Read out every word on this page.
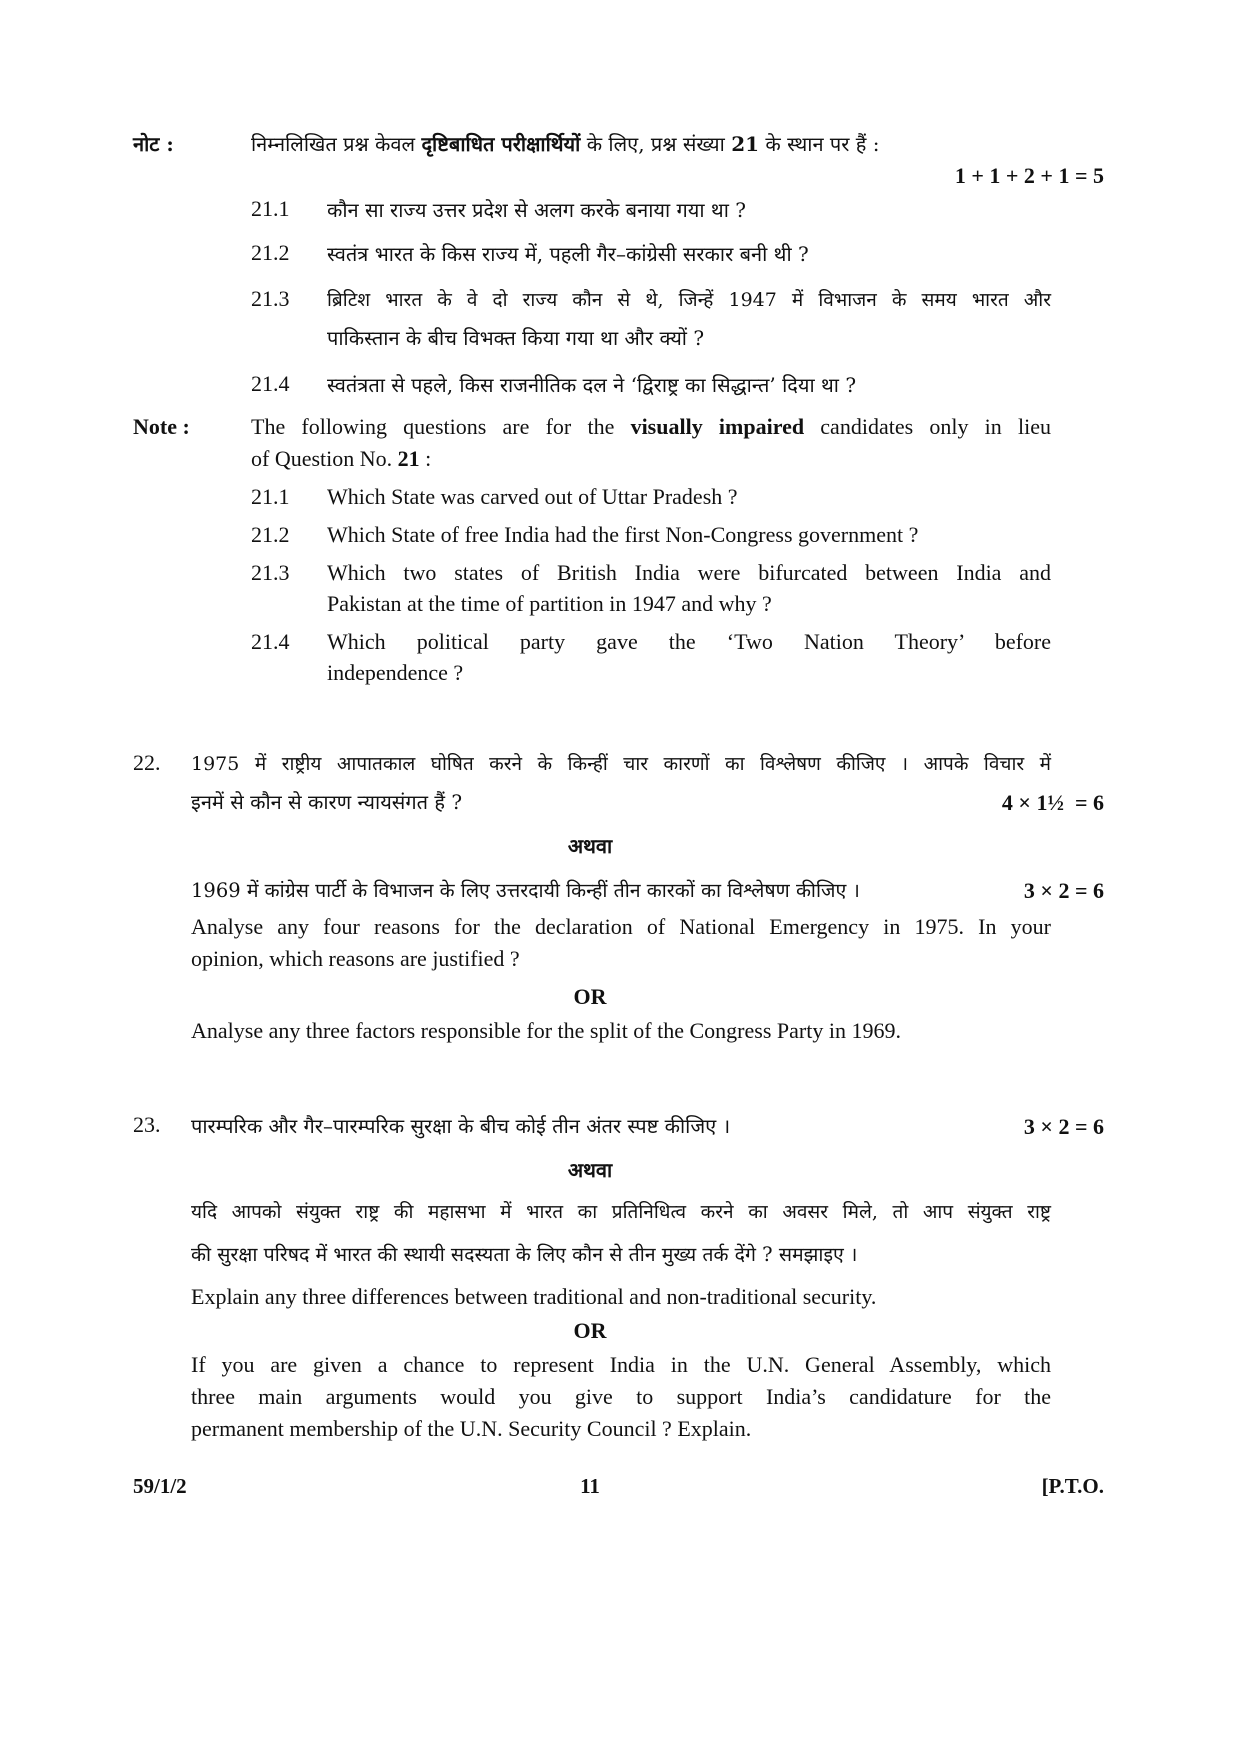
नोट :	निम्नलिखित प्रश्न केवल दृष्टिबाधित परीक्षार्थियों के लिए, प्रश्न संख्या 21 के स्थान पर हैं :
1 + 1 + 2 + 1 = 5
21.1 कौन सा राज्य उत्तर प्रदेश से अलग करके बनाया गया था ?
21.2 स्वतंत्र भारत के किस राज्य में, पहली गैर–कांग्रेसी सरकार बनी थी ?
21.3 ब्रिटिश भारत के वे दो राज्य कौन से थे, जिन्हें 1947 में विभाजन के समय भारत और
पाकिस्तान के बीच विभक्त किया गया था और क्यों ?
21.4 स्वतंत्रता से पहले, किस राजनीतिक दल ने ‘द्विराष्ट्र का सिद्धान्त’ दिया था ?
Note :	The following questions are for the visually impaired candidates only in lieu
of Question No. 21 :
21.1 Which State was carved out of Uttar Pradesh ?
21.2 Which State of free India had the first Non-Congress government ?
21.3 Which two states of British India were bifurcated between India and
Pakistan at the time of partition in 1947 and why ?
21.4 Which political party gave the ‘Two Nation Theory’ before
independence ?
22. 1975 में राष्ट्रीय आपातकाल घोषित करने के किन्हीं चार कारणों का विश्लेषण कीजिए । आपके विचार में
इनमें से कौन से कारण न्यायसंगत हैं ?	4 × 1½  = 6
अथवा
1969 में कांग्रेस पार्टी के विभाजन के लिए उत्तरदायी किन्हीं तीन कारकों का विश्लेषण कीजिए ।	3 × 2 = 6
Analyse any four reasons for the declaration of National Emergency in 1975. In your
opinion, which reasons are justified ?
OR
Analyse any three factors responsible for the split of the Congress Party in 1969.
23. पारम्परिक और गैर–पारम्परिक सुरक्षा के बीच कोई तीन अंतर स्पष्ट कीजिए ।	3 × 2 = 6
अथवा
यदि आपको संयुक्त राष्ट्र की महासभा में भारत का प्रतिनिधित्व करने का अवसर मिले, तो आप संयुक्त राष्ट्र
की सुरक्षा परिषद में भारत की स्थायी सदस्यता के लिए कौन से तीन मुख्य तर्क देंगे ? समझाइए ।
Explain any three differences between traditional and non-traditional security.
OR
If you are given a chance to represent India in the U.N. General Assembly, which
three main arguments would you give to support India’s candidature for the
permanent membership of the U.N. Security Council ? Explain.
59/1/2	11	[P.T.O.
